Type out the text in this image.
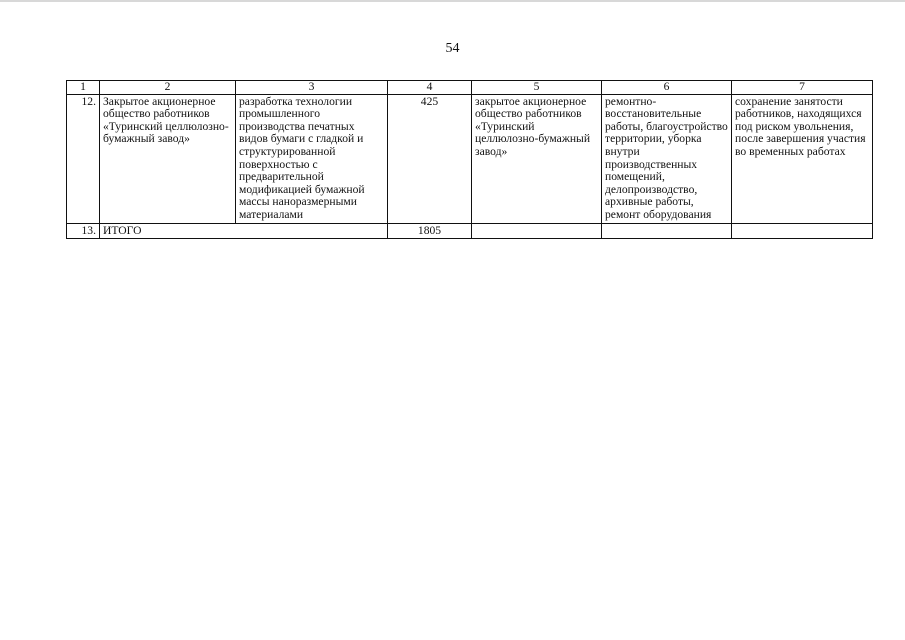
54
1	2	3	4	5	6	7
12.	Закрытое акционерное общество работников «Туринский целлюлозно-бумажный завод»	разработка технологии промышленного производства печатных видов бумаги с гладкой и структурированной поверхностью с предварительной модификацией бумажной массы наноразмерными материалами	425	закрытое акционерное общество работников «Туринский целлюлозно-бумажный завод»	ремонтно-восстановительные работы, благоустройство территории, уборка внутри производственных помещений, делопроизводство, архивные работы, ремонт оборудования	сохранение занятости работников, находящихся под риском увольнения, после завершения участия во временных работах
13.	ИТОГО		1805			
